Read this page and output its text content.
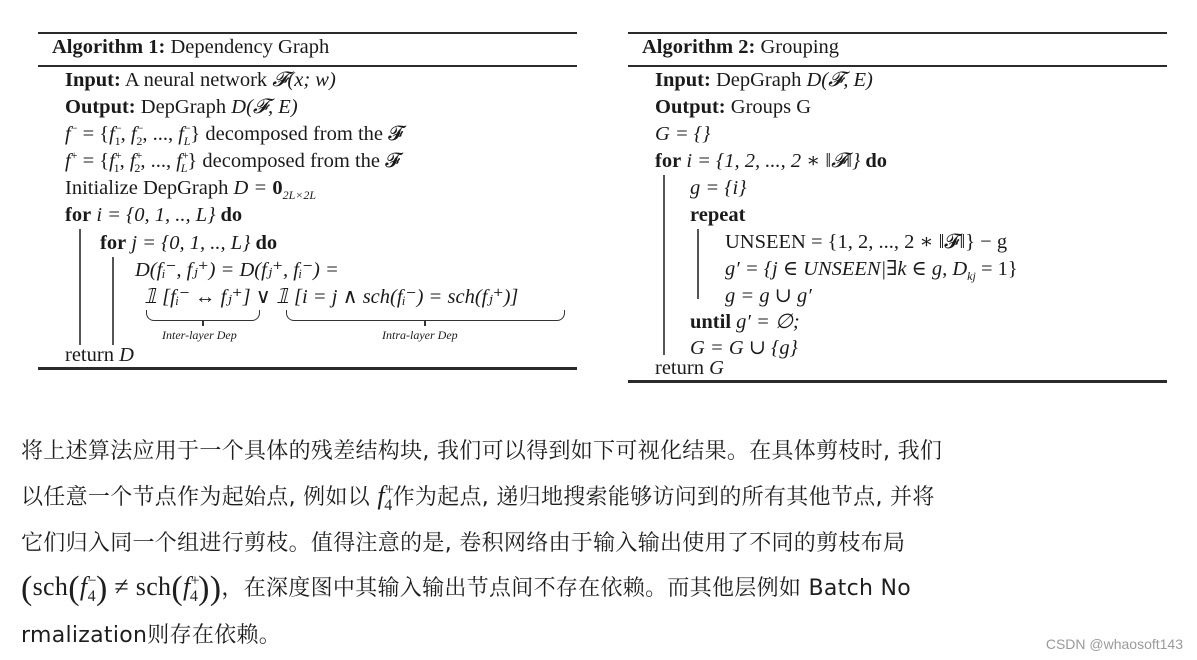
Algorithm 1: Dependency Graph
Input: A neural network 𝓕(x; w)
Output: DepGraph D(𝓕, E)
$f^- = \{f^-_1$, $f^-_2$, ..., $f^-_L$} decomposed from the 𝓕
$f^+ = \{f^+_1$, $f^+_2$, ..., $f^+_L$} decomposed from the 𝓕
Initialize DepGraph $D = 0_{2L\times 2L}$
for i = {0, 1, .., L} do
for j = {0, 1, .., L} do
D(fᵢ⁻, fⱼ⁺) = D(fⱼ⁺, fᵢ⁻) =
𝟙 [fᵢ⁻ ↔ fⱼ⁺] ∨ 𝟙 [i = j ∧ sch(fᵢ⁻) = sch(fⱼ⁺)]
Inter-layer Dep	Intra-layer Dep
return D
Algorithm 2: Grouping
Input: DepGraph D(𝓕, E)
Output: Groups G
G = {}
for i = {1, 2, ..., 2 ∗ ‖𝓕‖} do
g = {i}
repeat
UNSEEN = {1, 2, ..., 2 ∗ ‖𝓕‖} − g
g′ = {j ∈ UNSEEN|∃k ∈ g, $D_{kj} = 1$}
g = g ∪ g′
until g′ = ∅;
G = G ∪ {g}
return G
将上述算法应用于一个具体的残差结构块, 我们可以得到如下可视化结果。在具体剪枝时, 我们
以任意一个节点作为起始点, 例如以 $f^+_4$作为起点, 递归地搜索能够访问到的所有其他节点, 并将
它们归入同一个组进行剪枝。值得注意的是, 卷积网络由于输入输出使用了不同的剪枝布局
$(sch(f^-_4) \ne sch(f^+_4))$，在深度图中其输入输出节点间不存在依赖。而其他层例如 Batch No
rmalization则存在依赖。	CSDN @whaosoft143
